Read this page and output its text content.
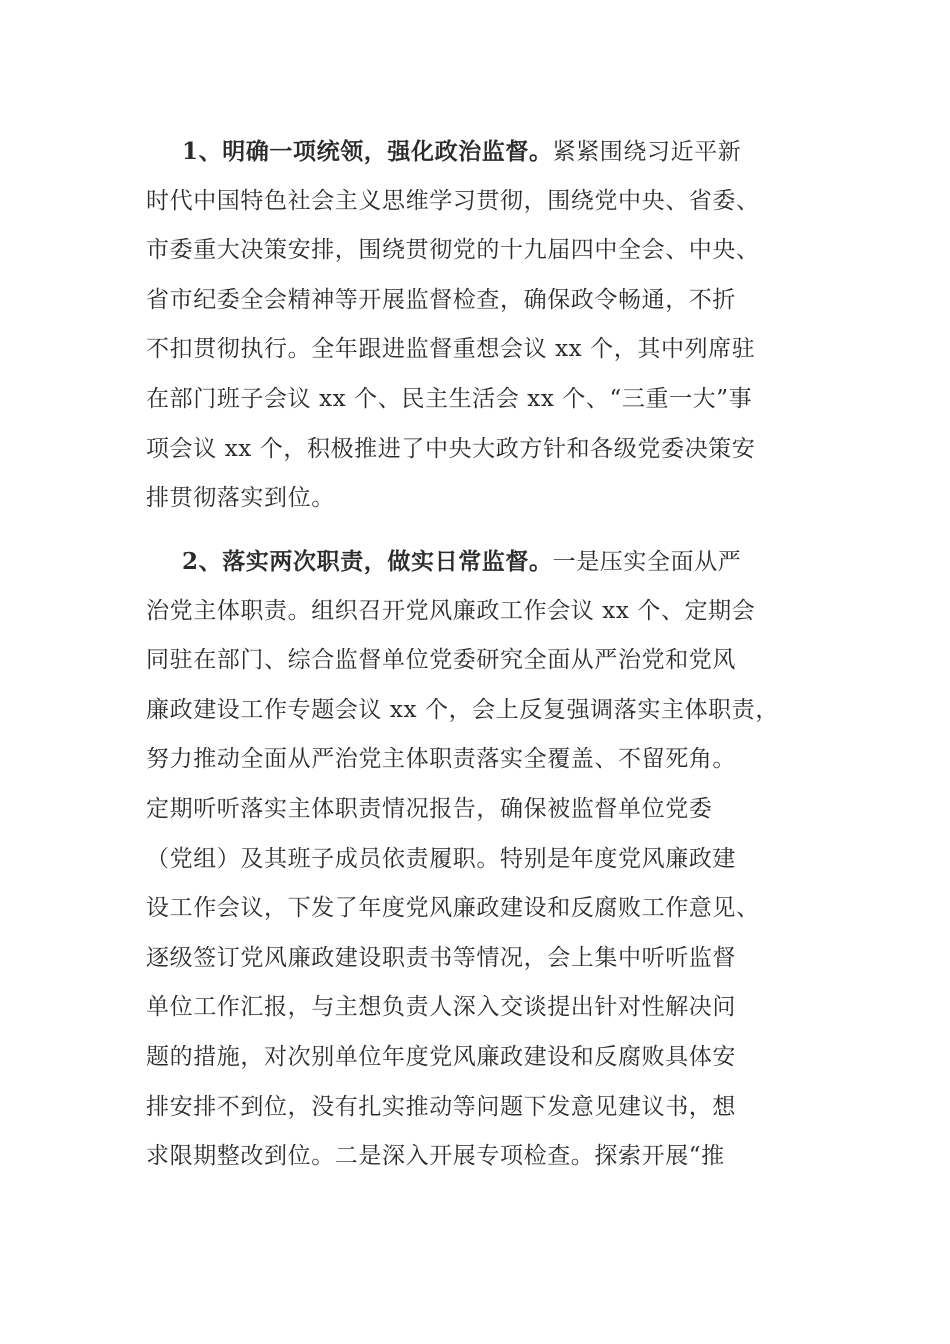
1、明确一项统领，强化政治监督。紧紧围绕习近平新
时代中国特色社会主义思维学习贯彻，围绕党中央、省委、
市委重大决策安排，围绕贯彻党的十九届四中全会、中央、
省市纪委全会精神等开展监督检查，确保政令畅通，不折
不扣贯彻执行。全年跟进监督重想会议 xx 个，其中列席驻
在部门班子会议 xx 个、民主生活会 xx 个、“三重一大”事
项会议 xx 个，积极推进了中央大政方针和各级党委决策安
排贯彻落实到位。
2、落实两次职责，做实日常监督。一是压实全面从严
治党主体职责。组织召开党风廉政工作会议 xx 个、定期会
同驻在部门、综合监督单位党委研究全面从严治党和党风
廉政建设工作专题会议 xx 个，会上反复强调落实主体职责，
努力推动全面从严治党主体职责落实全覆盖、不留死角。
定期听听落实主体职责情况报告，确保被监督单位党委
（党组）及其班子成员依责履职。特别是年度党风廉政建
设工作会议，下发了年度党风廉政建设和反腐败工作意见、
逐级签订党风廉政建设职责书等情况，会上集中听听监督
单位工作汇报，与主想负责人深入交谈提出针对性解决问
题的措施，对次别单位年度党风廉政建设和反腐败具体安
排安排不到位，没有扎实推动等问题下发意见建议书，想
求限期整改到位。二是深入开展专项检查。探索开展“推
